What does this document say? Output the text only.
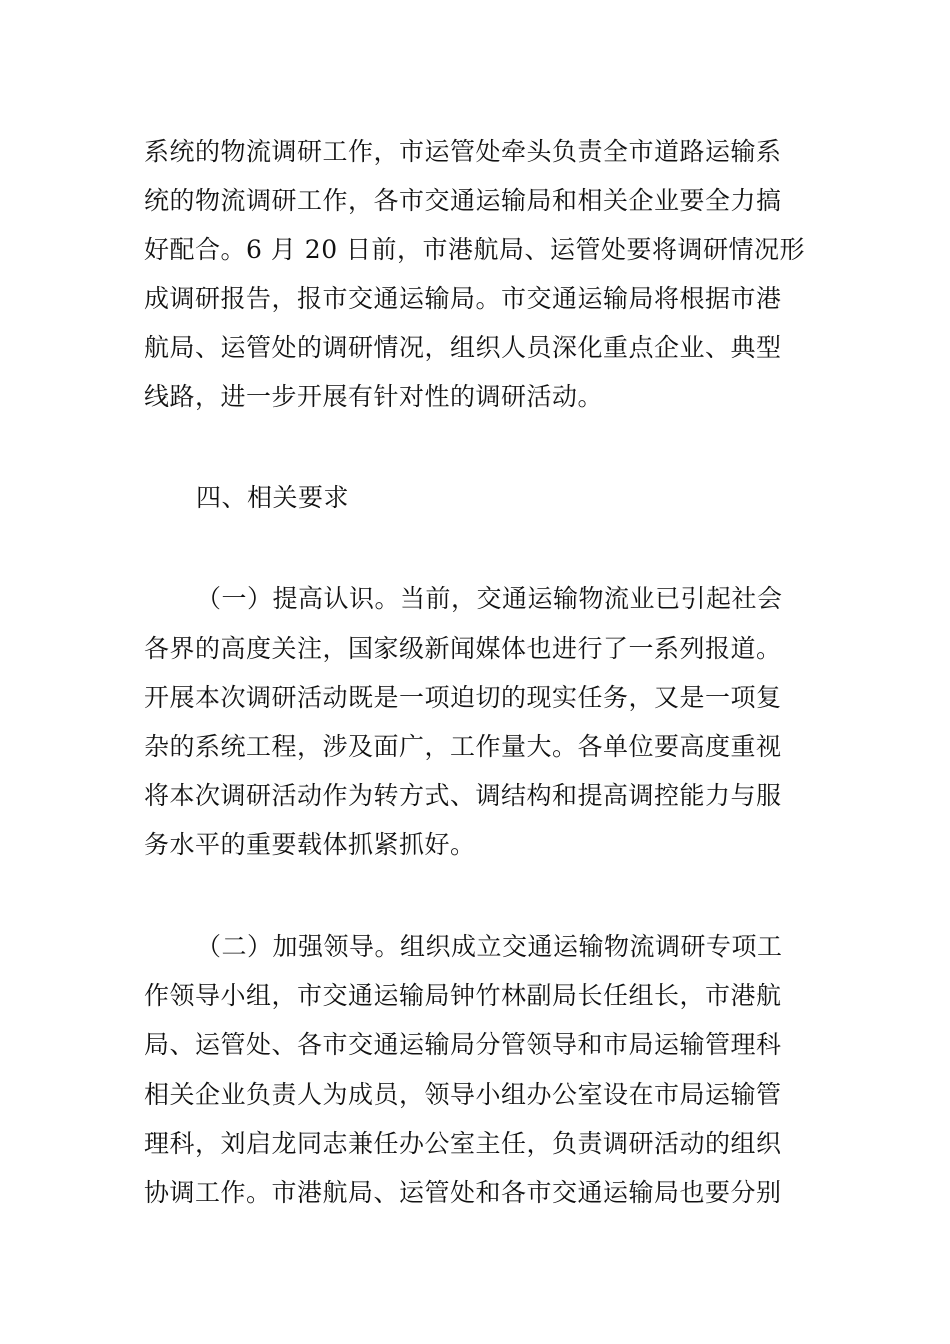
系统的物流调研工作，市运管处牵头负责全市道路运输系
统的物流调研工作，各市交通运输局和相关企业要全力搞
好配合。6 月 20 日前，市港航局、运管处要将调研情况形
成调研报告，报市交通运输局。市交通运输局将根据市港
航局、运管处的调研情况，组织人员深化重点企业、典型
线路，进一步开展有针对性的调研活动。
四、相关要求
（一）提高认识。当前，交通运输物流业已引起社会
各界的高度关注，国家级新闻媒体也进行了一系列报道。
开展本次调研活动既是一项迫切的现实任务，又是一项复
杂的系统工程，涉及面广，工作量大。各单位要高度重视
将本次调研活动作为转方式、调结构和提高调控能力与服
务水平的重要载体抓紧抓好。
（二）加强领导。组织成立交通运输物流调研专项工
作领导小组，市交通运输局钟竹林副局长任组长，市港航
局、运管处、各市交通运输局分管领导和市局运输管理科
相关企业负责人为成员，领导小组办公室设在市局运输管
理科，刘启龙同志兼任办公室主任，负责调研活动的组织
协调工作。市港航局、运管处和各市交通运输局也要分别
